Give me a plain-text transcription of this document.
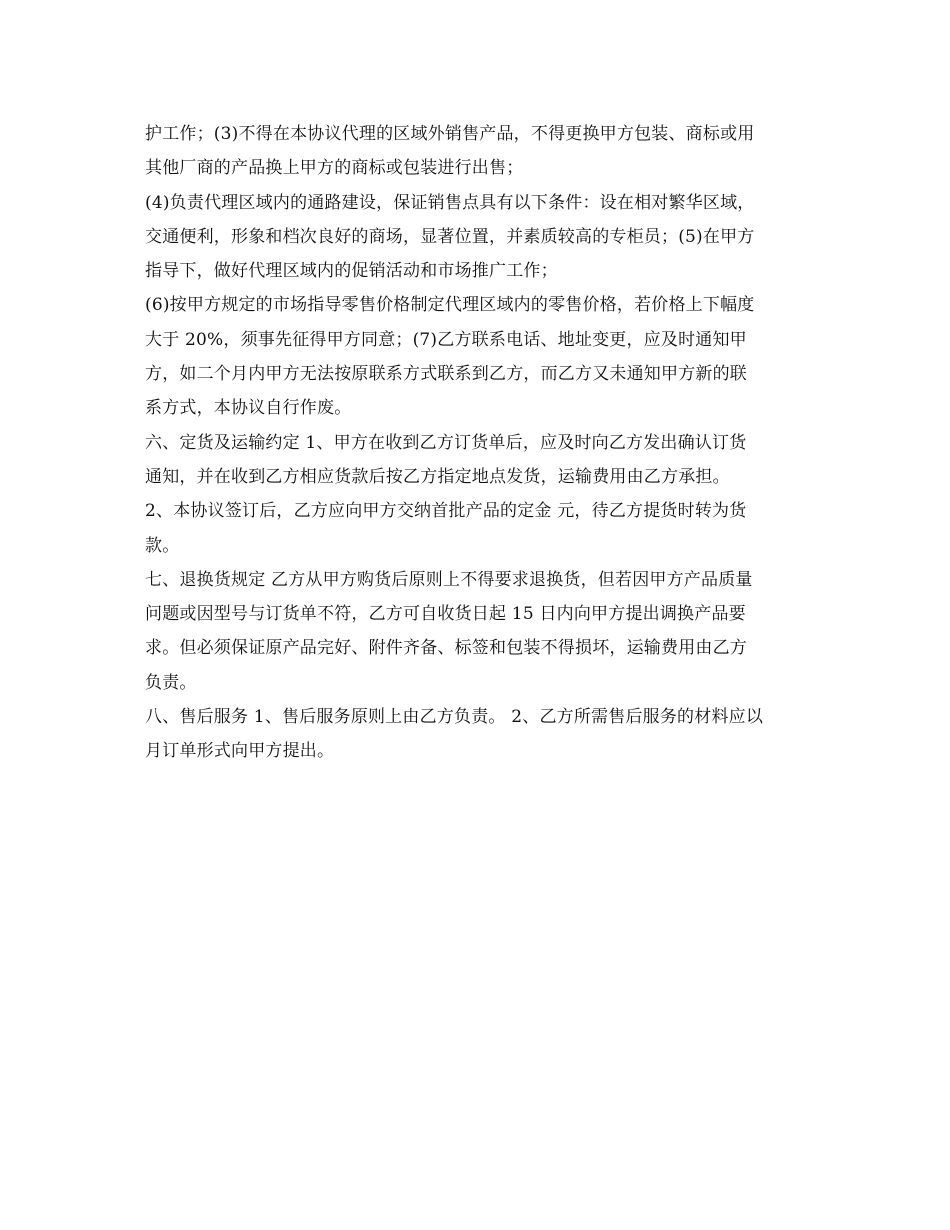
护工作；(3)不得在本协议代理的区域外销售产品，不得更换甲方包装、商标或用
其他厂商的产品换上甲方的商标或包装进行出售；
(4)负责代理区域内的通路建设，保证销售点具有以下条件：设在相对繁华区域，
交通便利，形象和档次良好的商场，显著位置，并素质较高的专柜员；(5)在甲方
指导下，做好代理区域内的促销活动和市场推广工作；
(6)按甲方规定的市场指导零售价格制定代理区域内的零售价格，若价格上下幅度
大于 20%，须事先征得甲方同意；(7)乙方联系电话、地址变更，应及时通知甲
方，如二个月内甲方无法按原联系方式联系到乙方，而乙方又未通知甲方新的联
系方式，本协议自行作废。
六、定货及运输约定 1、甲方在收到乙方订货单后，应及时向乙方发出确认订货
通知，并在收到乙方相应货款后按乙方指定地点发货，运输费用由乙方承担。
2、本协议签订后，乙方应向甲方交纳首批产品的定金 元，待乙方提货时转为货
款。
七、退换货规定 乙方从甲方购货后原则上不得要求退换货，但若因甲方产品质量
问题或因型号与订货单不符，乙方可自收货日起 15 日内向甲方提出调换产品要
求。但必须保证原产品完好、附件齐备、标签和包装不得损坏，运输费用由乙方
负责。
八、售后服务 1、售后服务原则上由乙方负责。 2、乙方所需售后服务的材料应以
月订单形式向甲方提出。
